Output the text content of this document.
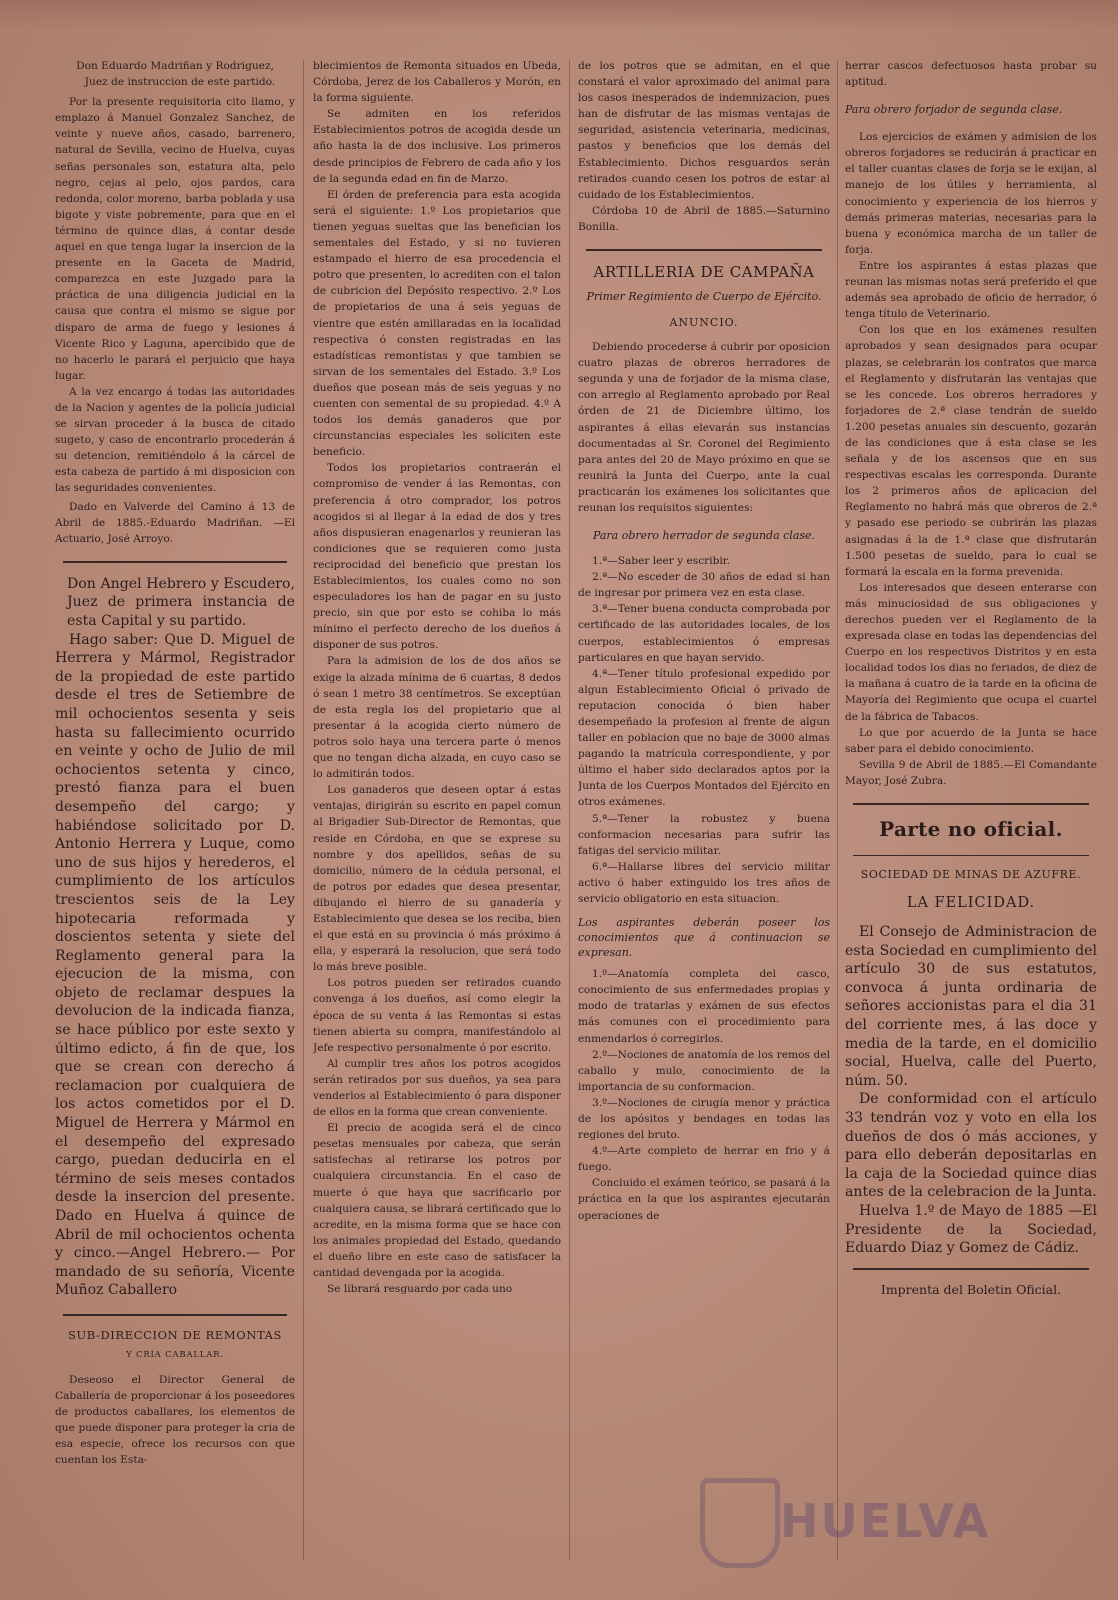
Don Eduardo Madriñan y Rodriguez,

Juez de instruccion de este partido.

Por la presente requisitoria cito llamo, y emplazo á Manuel Gonzalez Sanchez, de veinte y nueve años, casado, barrenero, natural de Sevilla, vecino de Huelva, cuyas señas personales son, estatura alta, pelo negro, cejas al pelo, ojos pardos, cara redonda, color moreno, barba poblada y usa bigote y viste pobremente, para que en el término de quince dias, á contar desde aquel en que tenga lugar la insercion de la presente en la Gaceta de Madrid, comparezca en este Juzgado para la práctica de una diligencia judicial en la causa que contra el mismo se sigue por disparo de arma de fuego y lesiones á Vicente Rico y Laguna, apercibido que de no hacerlo le parará el perjuicio que haya lugar.

A la vez encargo á todas las autoridades de la Nacion y agentes de la policía judicial se sirvan proceder á la busca de citado sugeto, y caso de encontrarlo procederán á su detencion, remitiéndolo á la cárcel de esta cabeza de partido á mi disposicion con las seguridades convenientes.

Dado en Valverde del Camino á 13 de Abril de 1885.-Eduardo Madriñan. —El Actuario, José Arroyo.

Don Angel Hebrero y Escudero, Juez de primera instancia de esta Capital y su partido.

Hago saber: Que D. Miguel de Herrera y Mármol, Registrador de la propiedad de este partido desde el tres de Setiembre de mil ochocientos sesenta y seis hasta su fallecimiento ocurrido en veinte y ocho de Julio de mil ochocientos setenta y cinco, prestó fianza para el buen desempeño del cargo; y habiéndose solicitado por D. Antonio Herrera y Luque, como uno de sus hijos y herederos, el cumplimiento de los artículos trescientos seis de la Ley hipotecaria reformada y doscientos setenta y siete del Reglamento general para la ejecucion de la misma, con objeto de reclamar despues la devolucion de la indicada fianza, se hace público por este sexto y último edicto, á fin de que, los que se crean con derecho á reclamacion por cualquiera de los actos cometidos por el D. Miguel de Herrera y Mármol en el desempeño del expresado cargo, puedan deducirla en el término de seis meses contados desde la insercion del presente. Dado en Huelva á quince de Abril de mil ochocientos ochenta y cinco.—Angel Hebrero.— Por mandado de su señoría, Vicente Muñoz Caballero

SUB-DIRECCION DE REMONTAS
Y CRIA CABALLAR.

Deseoso el Director General de Caballería de proporcionar á los poseedores de productos caballares, los elementos de que puede disponer para proteger la cria de esa especie, ofrece los recursos con que cuentan los Esta-

blecimientos de Remonta situados en Ubeda, Córdoba, Jerez de los Caballeros y Morón, en la forma siguiente.

Se admiten en los referidos Establecimientos potros de acogida desde un año hasta la de dos inclusive. Los primeros desde principios de Febrero de cada año y los de la segunda edad en fin de Marzo.

El órden de preferencia para esta acogida será el siguiente: 1.º Los propietarios que tienen yeguas sueltas que las benefician los sementales del Estado, y si no tuvieren estampado el hierro de esa procedencia el potro que presenten, lo acrediten con el talon de cubricion del Depósito respectivo. 2.º Los de propietarios de una á seis yeguas de vientre que estén amillaradas en la localidad respectiva ó consten registradas en las estadísticas remontistas y que tambien se sirvan de los sementales del Estado. 3.º Los dueños que posean más de seis yeguas y no cuenten con semental de su propiedad. 4.º A todos los demás ganaderos que por circunstancias especiales les soliciten este beneficio.

Todos los propietarios contraerán el compromiso de vender á las Remontas, con preferencia á otro comprador, los potros acogidos si al llegar á la edad de dos y tres años dispusieran enagenarlos y reunieran las condiciones que se requieren como justa reciprocidad del beneficio que prestan los Establecimientos, los cuales como no son especuladores los han de pagar en su justo precio, sin que por esto se cohiba lo más mínimo el perfecto derecho de los dueños á disponer de sus potros.

Para la admision de los de dos años se exige la alzada mínima de 6 cuartas, 8 dedos ó sean 1 metro 38 centímetros. Se exceptúan de esta regla los del propietario que al presentar á la acogida cierto número de potros solo haya una tercera parte ó menos que no tengan dicha alzada, en cuyo caso se lo admitirán todos.

Los ganaderos que deseen optar á estas ventajas, dirigirán su escrito en papel comun al Brigadier Sub-Director de Remontas, que reside en Córdoba, en que se exprese su nombre y dos apellidos, señas de su domicilio, número de la cédula personal, el de potros por edades que desea presentar, dibujando el hierro de su ganadería y Establecimiento que desea se los reciba, bien el que está en su provincia ó más próximo á ella, y esperará la resolucion, que será todo lo más breve posible.

Los potros pueden ser retirados cuando convenga á los dueños, así como elegir la época de su venta á las Remontas si estas tienen abierta su compra, manifestándolo al Jefe respectivo personalmente ó por escrito.

Al cumplir tres años los potros acogidos serán retirados por sus dueños, ya sea para venderlos al Establecimiento ó para disponer de ellos en la forma que crean conveniente.

El precio de acogida será el de cinco pesetas mensuales por cabeza, que serán satisfechas al retirarse los potros por cualquiera circunstancia. En el caso de muerte ó que haya que sacrificarlo por cualquiera causa, se librará certificado que lo acredite, en la misma forma que se hace con los animales propiedad del Estado, quedando el dueño libre en este caso de satisfacer la cantidad devengada por la acogida.

Se librará resguardo por cada uno

de los potros que se admitan, en el que constará el valor aproximado del animal para los casos inesperados de indemnizacion, pues han de disfrutar de las mismas ventajas de seguridad, asistencia veterinaria, medicinas, pastos y beneficios que los demás del Establecimiento. Dichos resguardos serán retirados cuando cesen los potros de estar al cuidado de los Establecimientos.

Córdoba 10 de Abril de 1885.—Saturnino Bonilla.

ARTILLERIA DE CAMPAÑA
Primer Regimiento de Cuerpo de Ejército.
ANUNCIO.

Debiendo procederse á cubrir por oposicion cuatro plazas de obreros herradores de segunda y una de forjador de la misma clase, con arreglo al Reglamento aprobado por Real órden de 21 de Diciembre último, los aspirantes á ellas elevarán sus instancias documentadas al Sr. Coronel del Regimiento para antes del 20 de Mayo próximo en que se reunirá la Junta del Cuerpo, ante la cual practicarán los exámenes los solicitantes que reunan los requisitos siguientes:

Para obrero herrador de segunda clase.

1.ª—Saber leer y escribir.

2.ª—No esceder de 30 años de edad si han de ingresar por primera vez en esta clase.

3.ª—Tener buena conducta comprobada por certificado de las autoridades locales, de los cuerpos, establecimientos ó empresas particulares en que hayan servido.

4.ª—Tener título profesional expedido por algun Establecimiento Oficial ó privado de reputacion conocida ó bien haber desempeñado la profesion al frente de algun taller en poblacion que no baje de 3000 almas pagando la matrícula correspondiente, y por último el haber sido declarados aptos por la Junta de los Cuerpos Montados del Ejército en otros exámenes.

5.ª—Tener la robustez y buena conformacion necesarias para sufrir las fatigas del servicio militar.

6.ª—Hallarse libres del servicio militar activo ó haber extinguido los tres años de servicio obligatorio en esta situacion.

Los aspirantes deberán poseer los conocimientos que á continuacion se expresan.

1.º—Anatomía completa del casco, conocimiento de sus enfermedades propias y modo de tratarlas y exámen de sus efectos más comunes con el procedimiento para enmendarlos ó corregirlos.

2.º—Nociones de anatomía de los remos del caballo y mulo, conocimiento de la importancia de su conformacion.

3.º—Nociones de cirugía menor y práctica de los apósitos y bendages en todas las regiones del bruto.

4.º—Arte completo de herrar en frio y á fuego.

Concluido el exámen teórico, se pasará á la práctica en la que los aspirantes ejecutarán operaciones de

herrar cascos defectuosos hasta probar su aptitud.

Para obrero forjador de segunda clase.

Los ejercicios de exámen y admision de los obreros forjadores se reducirán á practicar en el taller cuantas clases de forja se le exijan, al manejo de los útiles y herramienta, al conocimiento y experiencia de los hierros y demás primeras materias, necesarias para la buena y económica marcha de un taller de forja.

Entre los aspirantes á estas plazas que reunan las mismas notas será preferido el que además sea aprobado de oficio de herrador, ó tenga título de Veterinario.

Con los que en los exámenes resulten aprobados y sean designados para ocupar plazas, se celebrarán los contratos que marca el Reglamento y disfrutarán las ventajas que se les concede. Los obreros herradores y forjadores de 2.ª clase tendrán de sueldo 1.200 pesetas anuales sin descuento, gozarán de las condiciones que á esta clase se les señala y de los ascensos que en sus respectivas escalas les corresponda. Durante los 2 primeros años de aplicacion del Reglamento no habrá más que obreros de 2.ª y pasado ese periodo se cubrirán las plazas asignadas á la de 1.ª clase que disfrutarán 1.500 pesetas de sueldo, para lo cual se formará la escala en la forma prevenida.

Los interesados que deseen enterarse con más minuciosidad de sus obligaciones y derechos pueden ver el Reglamento de la expresada clase en todas las dependencias del Cuerpo en los respectivos Distritos y en esta localidad todos los dias no feriados, de diez de la mañana á cuatro de la tarde en la oficina de Mayoría del Regimiento que ocupa el cuartel de la fábrica de Tabacos.

Lo que por acuerdo de la Junta se hace saber para el debido conocimiento.

Sevilla 9 de Abril de 1885.—El Comandante Mayor, José Zubra.

Parte no oficial.
SOCIEDAD DE MINAS DE AZUFRE.
LA FELICIDAD.

El Consejo de Administracion de esta Sociedad en cumplimiento del artículo 30 de sus estatutos, convoca á junta ordinaria de señores accionistas para el dia 31 del corriente mes, á las doce y media de la tarde, en el domicilio social, Huelva, calle del Puerto, núm. 50.

De conformidad con el artículo 33 tendrán voz y voto en ella los dueños de dos ó más acciones, y para ello deberán depositarlas en la caja de la Sociedad quince dias antes de la celebracion de la Junta.

Huelva 1.º de Mayo de 1885 —El Presidente de la Sociedad, Eduardo Diaz y Gomez de Cádiz.

Imprenta del Boletin Oficial.
HUELVA
